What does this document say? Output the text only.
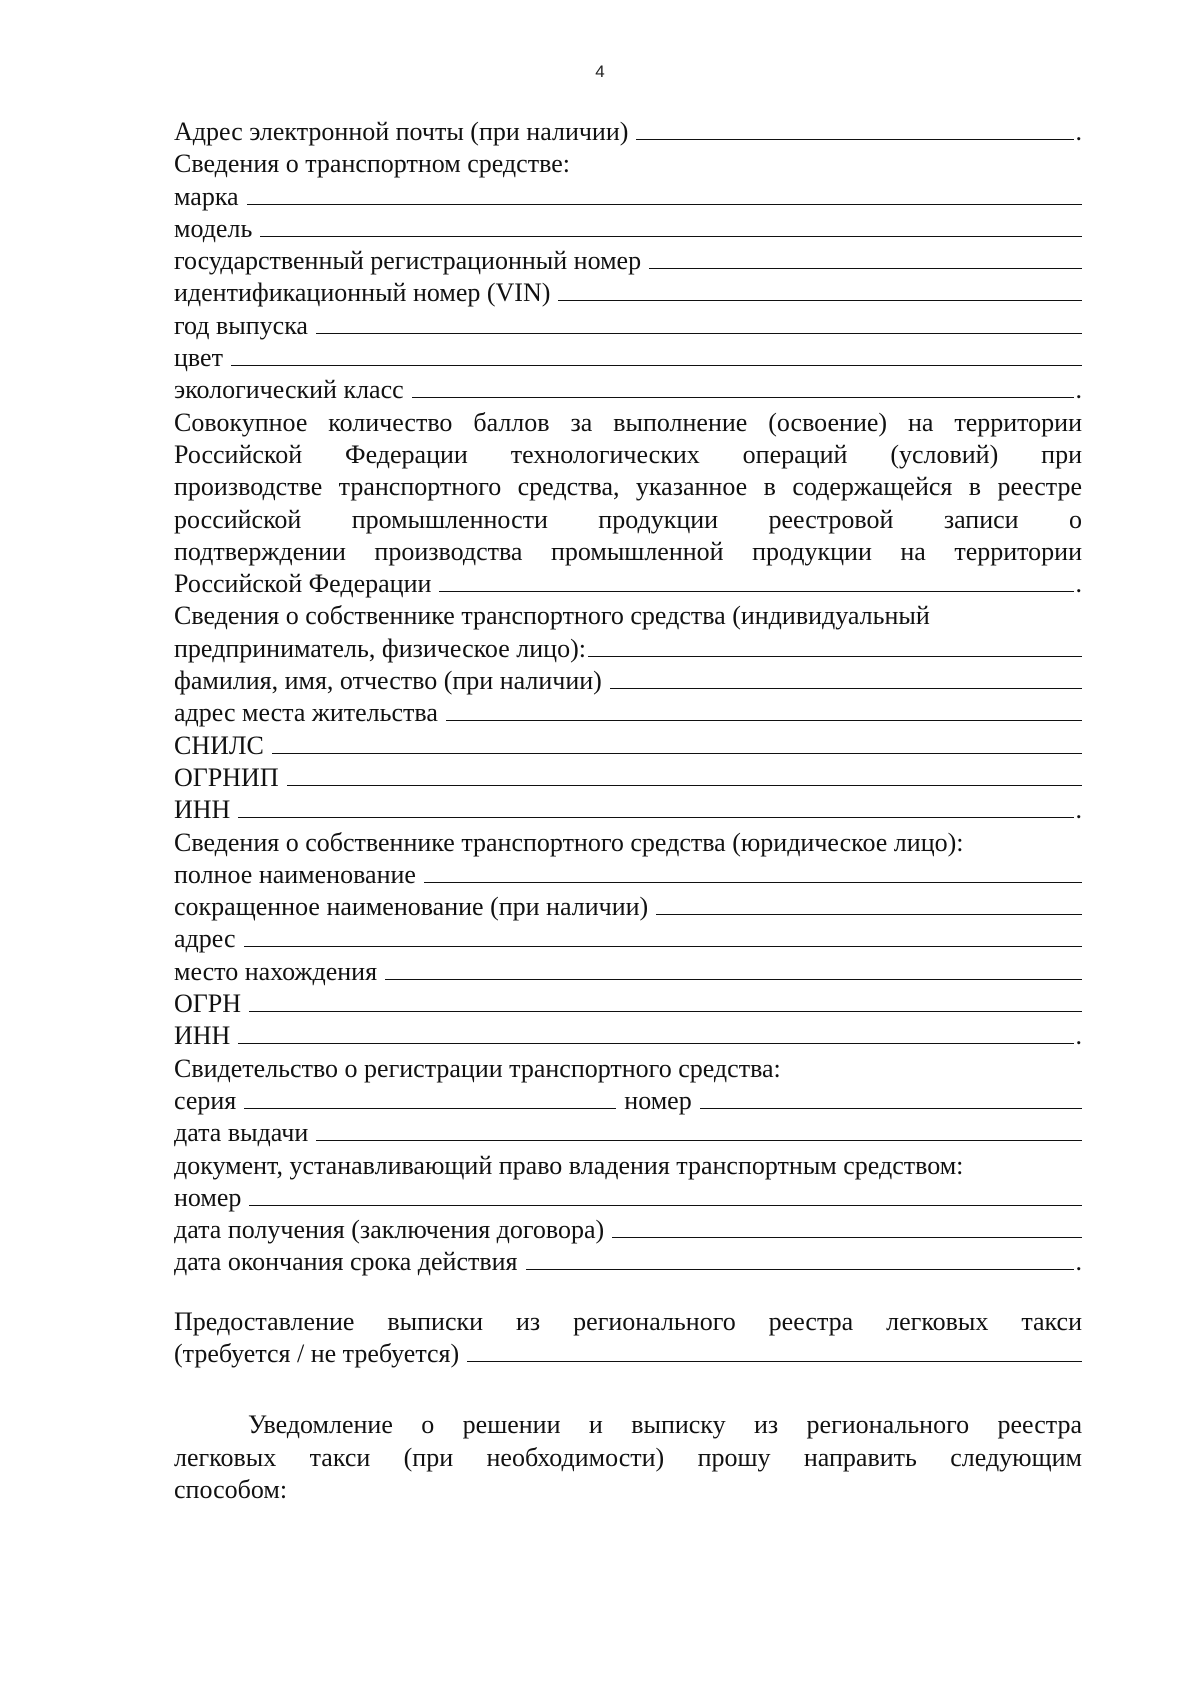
4
Адрес электронной почты (при наличии)	.
Сведения о транспортном средстве:
марка
модель
государственный регистрационный номер
идентификационный номер (VIN)
год выпуска
цвет
экологический класс	.
Совокупное количество баллов за выполнение (освоение) на территории
Российской Федерации технологических операций (условий) при
производстве транспортного средства, указанное в содержащейся в реестре
российской промышленности продукции реестровой записи о
подтверждении производства промышленной продукции на территории
Российской Федерации	.
Сведения о собственнике транспортного средства (индивидуальный
предприниматель, физическое лицо):
фамилия, имя, отчество (при наличии)
адрес места жительства
СНИЛС
ОГРНИП
ИНН	.
Сведения о собственнике транспортного средства (юридическое лицо):
полное наименование
сокращенное наименование (при наличии)
адрес
место нахождения
ОГРН
ИНН	.
Свидетельство о регистрации транспортного средства:
серия	номер
дата выдачи
документ, устанавливающий право владения транспортным средством:
номер
дата получения (заключения договора)
дата окончания срока действия	.
Предоставление выписки из регионального реестра легковых такси
(требуется / не требуется)
Уведомление о решении и выписку из регионального реестра
легковых такси (при необходимости) прошу направить следующим
способом:
